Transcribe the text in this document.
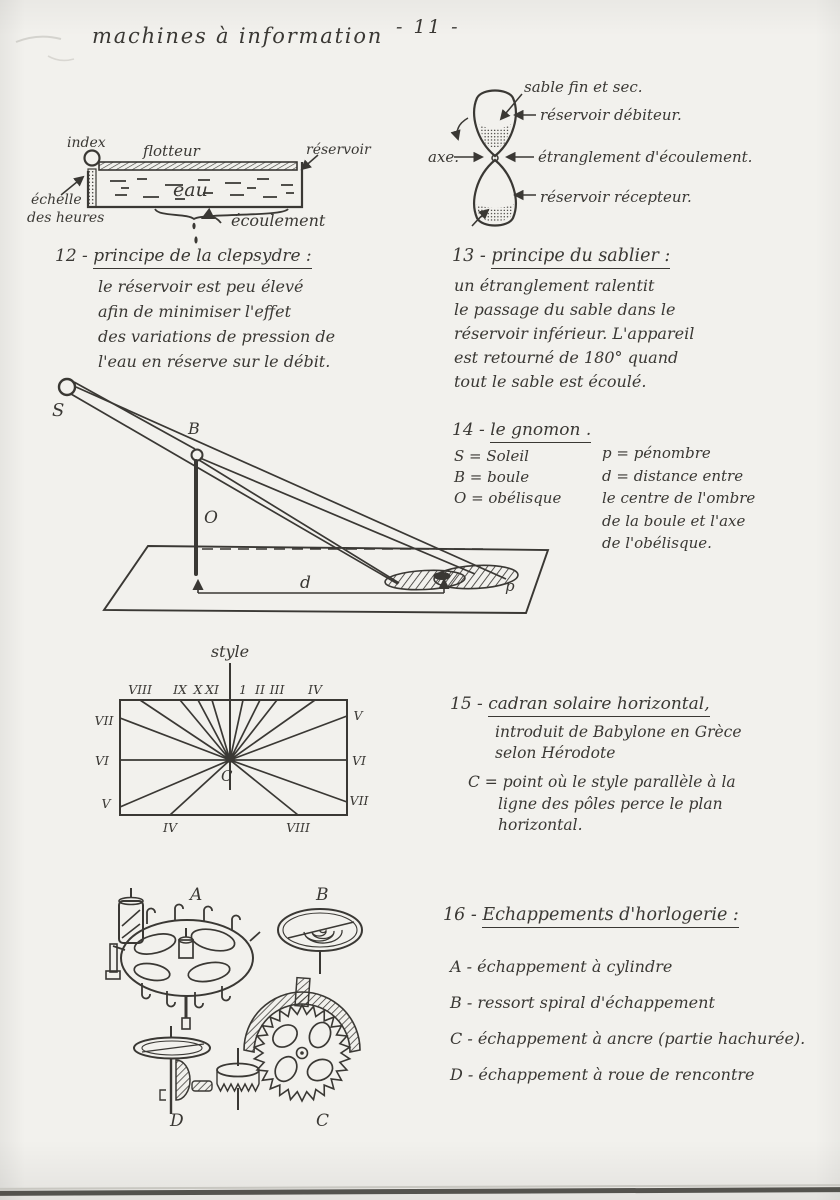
machines à information - 11 -
index flotteur	réservoir
échelle
des heures
eau
écoulement
sable fin et sec.
réservoir débiteur.
axe.	étranglement d'écoulement.
réservoir récepteur.
12 - principe de la clepsydre :
le réservoir est peu élevé
afin de minimiser l'effet
des variations de pression de
l'eau en réserve sur le débit.
13 - principe du sablier :
un étranglement ralentit
le passage du sable dans le
réservoir inférieur. L'appareil
est retourné de 180° quand
tout le sable est écoulé.
S
B
O
d	p
14 - le gnomon .
S = Soleil
B = boule
O = obélisque
p = pénombre
d = distance entre
le centre de l'ombre
de la boule et l'axe
de l'obélisque.
style
C
VIII IX X XI 1 II III IV
VII
VI
V
V
VI
VII
IV	VIII
15 - cadran solaire horizontal,
introduit de Babylone en Grèce
selon Hérodote
C = point où le style parallèle à la
ligne des pôles perce le plan
horizontal.
A	B
D	C
16 - Echappements d'horlogerie :
A - échappement à cylindre
B - ressort spiral d'échappement
C - échappement à ancre (partie hachurée).
D - échappement à roue de rencontre
